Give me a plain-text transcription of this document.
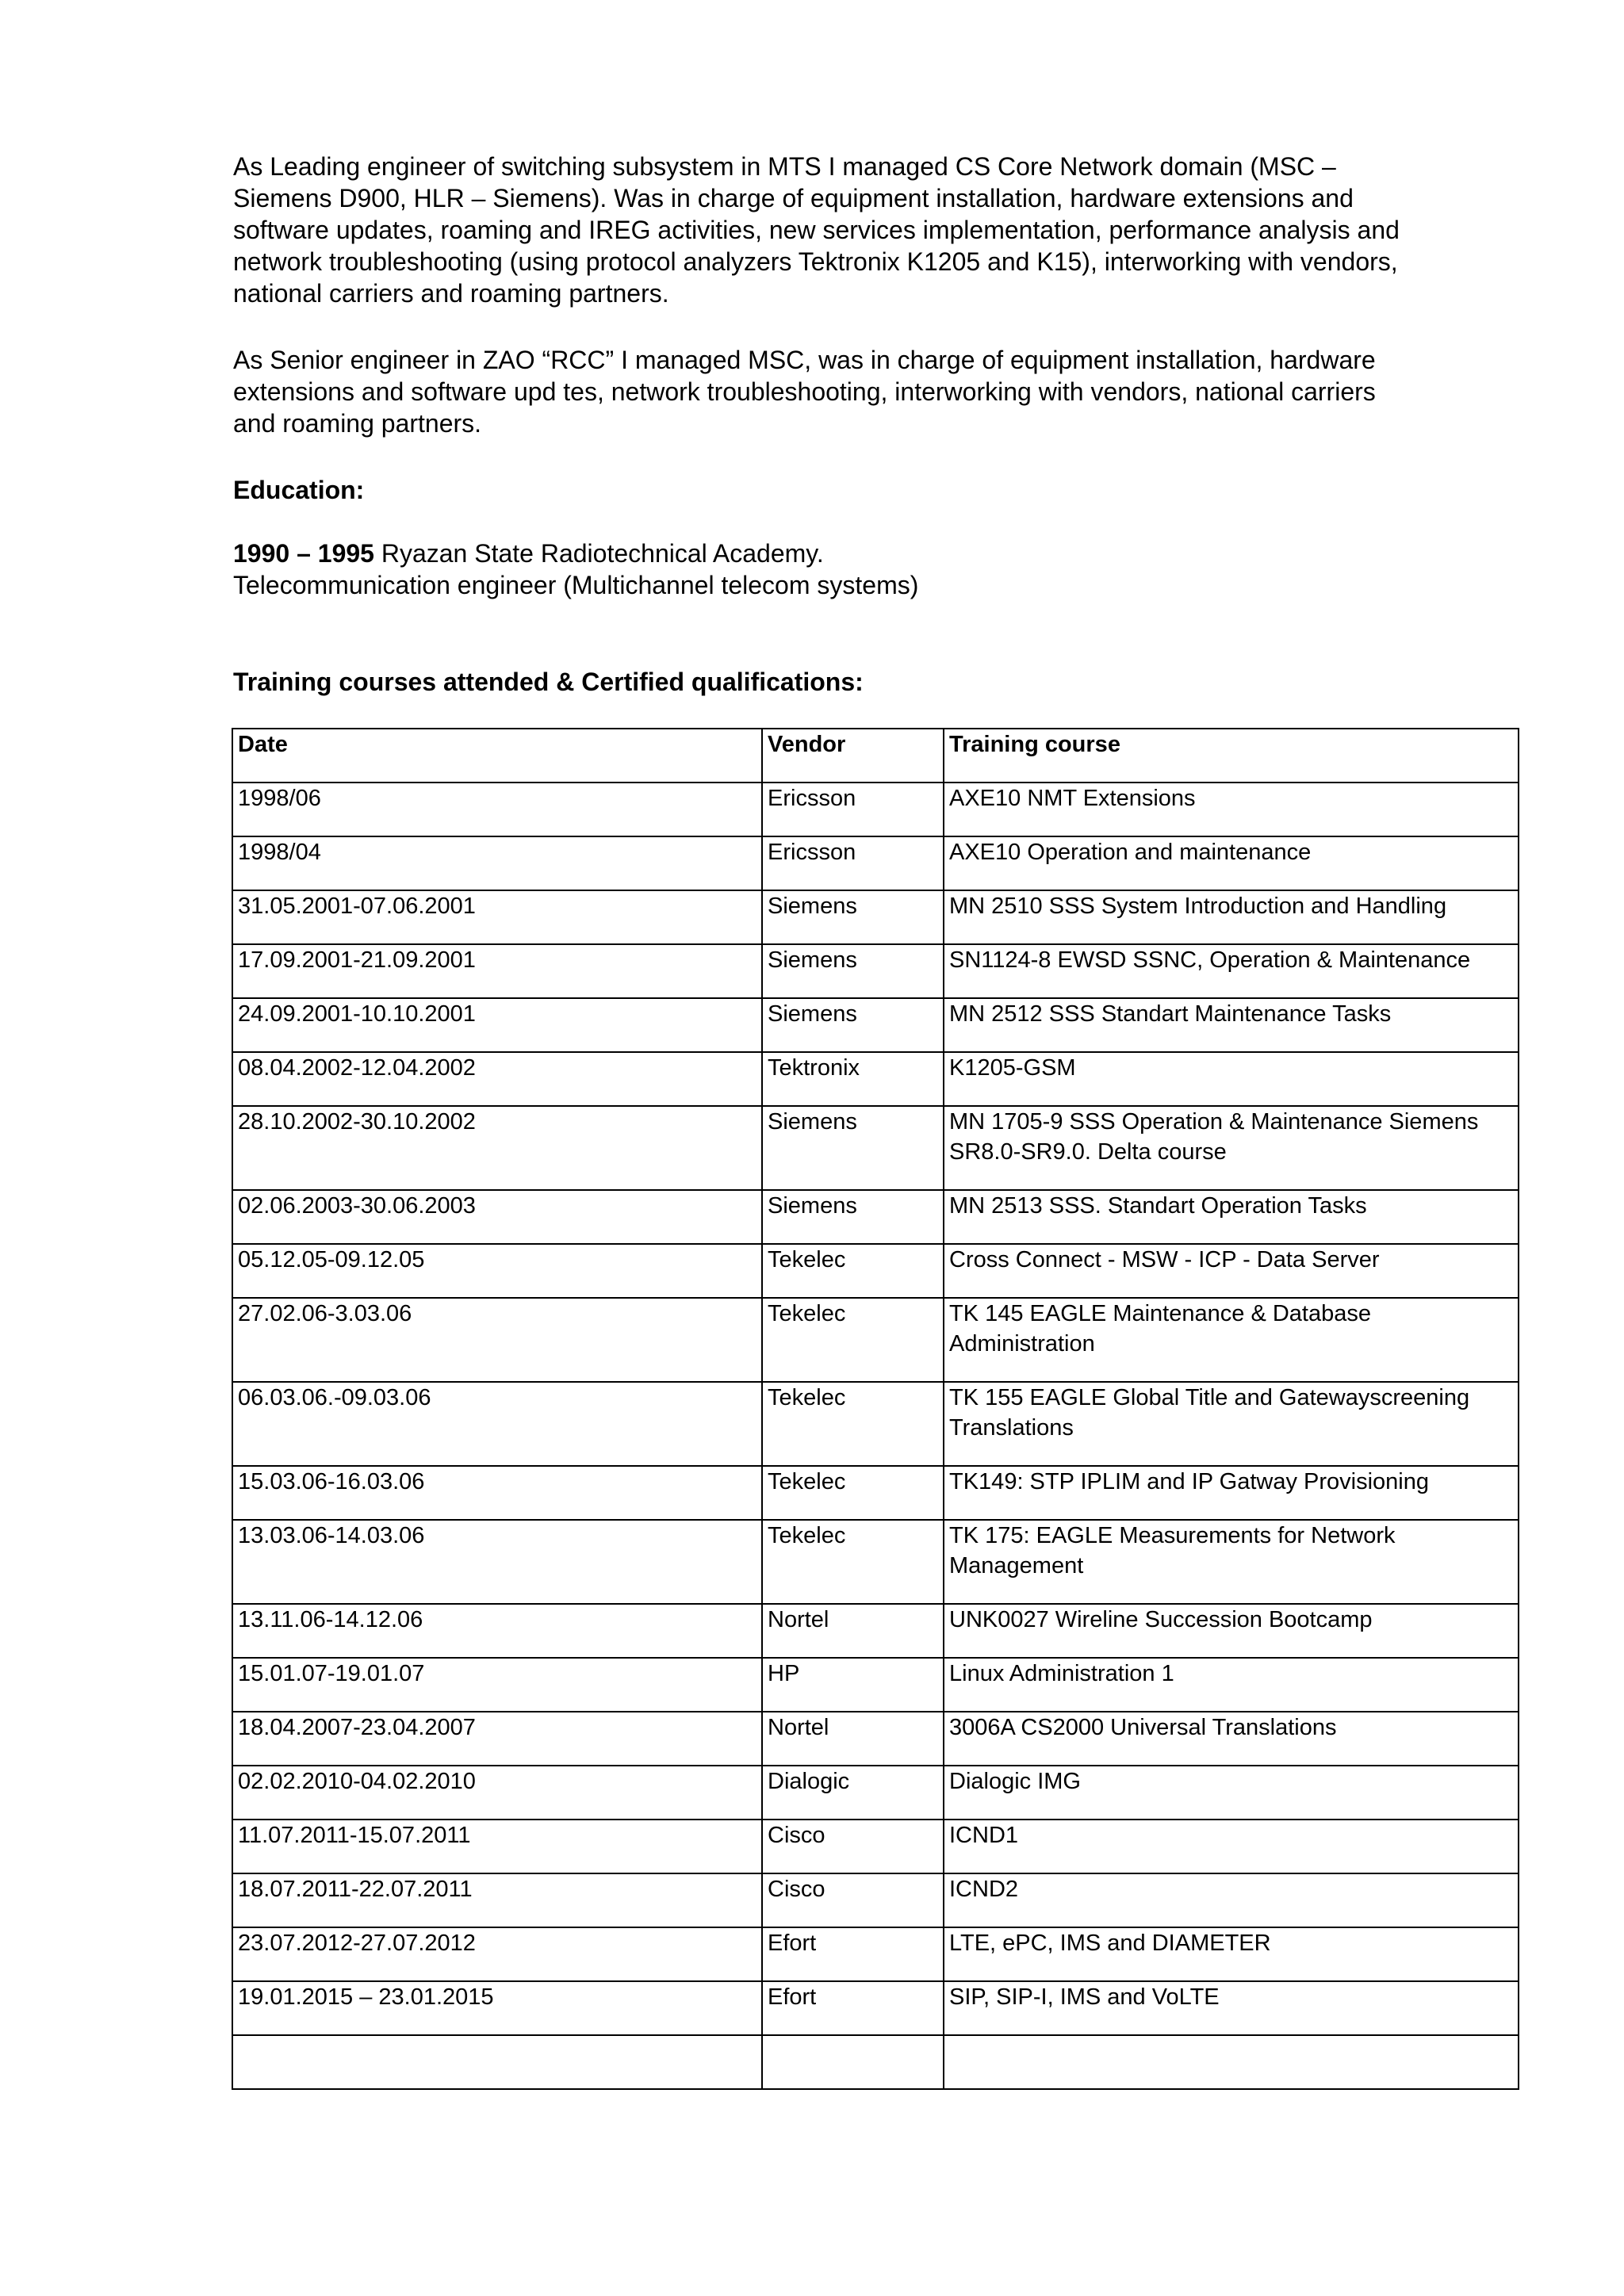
As Leading engineer of switching subsystem in MTS I managed CS Core Network domain (MSC –
Siemens D900, HLR – Siemens). Was in charge of equipment installation, hardware extensions and
software updates, roaming and IREG activities, new services implementation, performance analysis and
network troubleshooting (using protocol analyzers Tektronix K1205 and K15), interworking with vendors,
national carriers and roaming partners.

As Senior engineer in ZAO “RCC” I managed MSC, was in charge of equipment installation, hardware
extensions and software upd tes, network troubleshooting, interworking with vendors, national carriers
and roaming partners.

Education:
1990 – 1995 Ryazan State Radiotechnical Academy.
Telecommunication engineer (Multichannel telecom systems)
Training courses attended & Certified qualifications:
Date	Vendor	Training course
1998/06	Ericsson	AXE10 NMT Extensions

1998/04	Ericsson	AXE10 Operation and maintenance

31.05.2001-07.06.2001	Siemens	MN 2510 SSS System Introduction and Handling

17.09.2001-21.09.2001	Siemens	SN1124-8 EWSD SSNC, Operation & Maintenance

24.09.2001-10.10.2001	Siemens	MN 2512 SSS Standart Maintenance Tasks

08.04.2002-12.04.2002	Tektronix	K1205-GSM

28.10.2002-30.10.2002	Siemens	MN 1705-9 SSS Operation & Maintenance Siemens
SR8.0-SR9.0. Delta course

02.06.2003-30.06.2003	Siemens	MN 2513 SSS. Standart Operation Tasks

05.12.05-09.12.05	Tekelec	Cross Connect - MSW - ICP - Data Server

27.02.06-3.03.06	Tekelec	TK 145 EAGLE Maintenance & Database
Administration

06.03.06.-09.03.06	Tekelec	TK 155 EAGLE Global Title and Gatewayscreening
Translations

15.03.06-16.03.06	Tekelec	TK149: STP IPLIM and IP Gatway Provisioning

13.03.06-14.03.06	Tekelec	TK 175: EAGLE Measurements for Network
Management

13.11.06-14.12.06	Nortel	UNK0027 Wireline Succession Bootcamp

15.01.07-19.01.07	HP	Linux Administration 1

18.04.2007-23.04.2007	Nortel	3006A CS2000 Universal Translations

02.02.2010-04.02.2010	Dialogic	Dialogic IMG

11.07.2011-15.07.2011	Cisco	ICND1

18.07.2011-22.07.2011	Cisco	ICND2

23.07.2012-27.07.2012	Efort	LTE, ePC, IMS and DIAMETER

19.01.2015 – 23.01.2015	Efort	SIP, SIP-I, IMS and VoLTE
